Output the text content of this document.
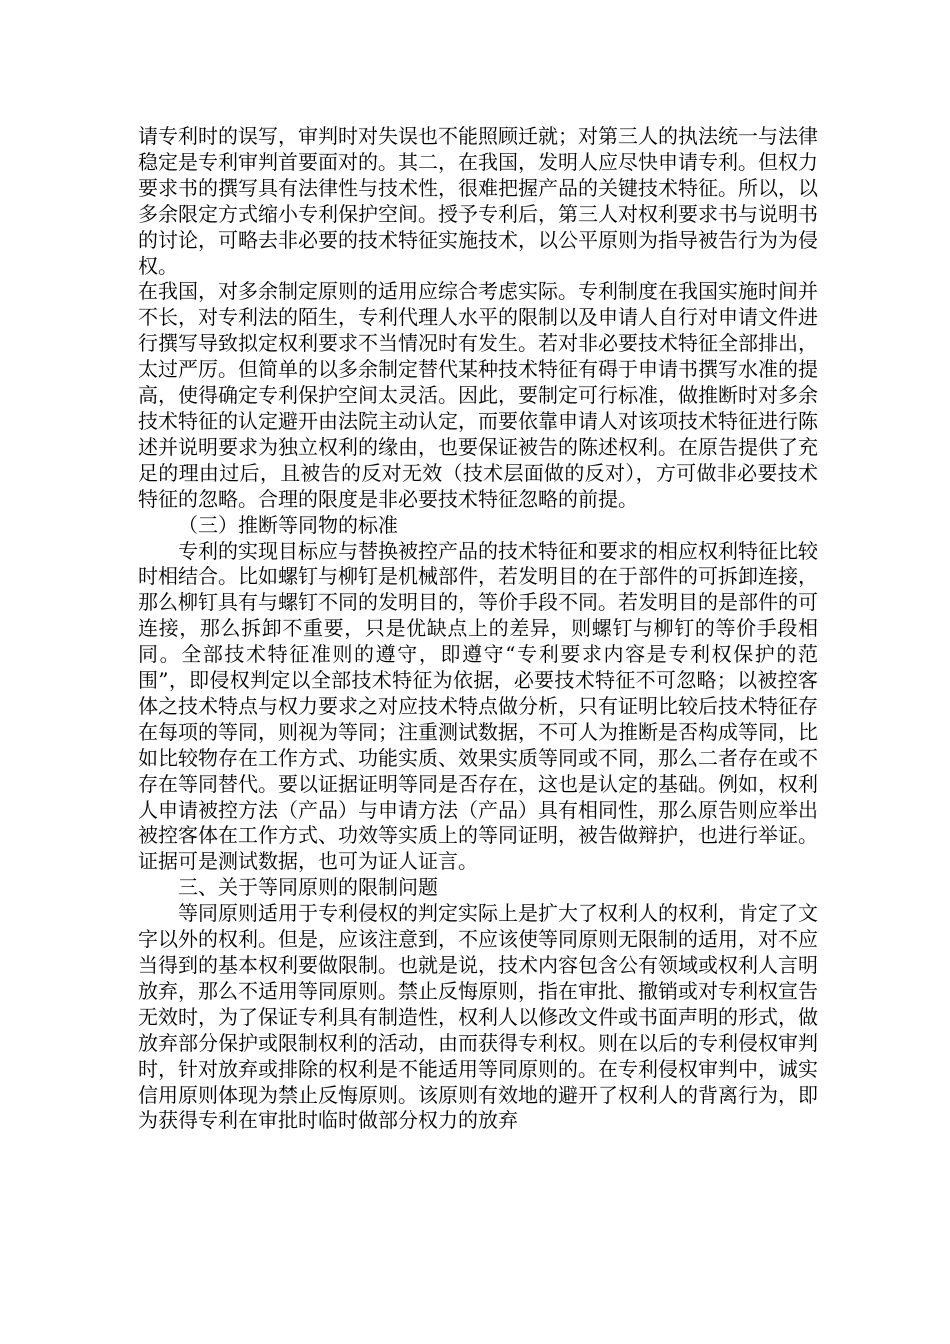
请专利时的误写，审判时对失误也不能照顾迁就；对第三人的执法统一与法律稳定是专利审判首要面对的。其二，在我国，发明人应尽快申请专利。但权力要求书的撰写具有法律性与技术性，很难把握产品的关键技术特征。所以，以多余限定方式缩小专利保护空间。授予专利后，第三人对权利要求书与说明书的讨论，可略去非必要的技术特征实施技术，以公平原则为指导被告行为为侵权。

在我国，对多余制定原则的适用应综合考虑实际。专利制度在我国实施时间并不长，对专利法的陌生，专利代理人水平的限制以及申请人自行对申请文件进行撰写导致拟定权利要求不当情况时有发生。若对非必要技术特征全部排出，太过严厉。但简单的以多余制定替代某种技术特征有碍于申请书撰写水准的提高，使得确定专利保护空间太灵活。因此，要制定可行标准，做推断时对多余技术特征的认定避开由法院主动认定，而要依靠申请人对该项技术特征进行陈述并说明要求为独立权利的缘由，也要保证被告的陈述权利。在原告提供了充足的理由过后，且被告的反对无效（技术层面做的反对），方可做非必要技术特征的忽略。合理的限度是非必要技术特征忽略的前提。

（三）推断等同物的标准

专利的实现目标应与替换被控产品的技术特征和要求的相应权利特征比较时相结合。比如螺钉与柳钉是机械部件，若发明目的在于部件的可拆卸连接，那么柳钉具有与螺钉不同的发明目的，等价手段不同。若发明目的是部件的可连接，那么拆卸不重要，只是优缺点上的差异，则螺钉与柳钉的等价手段相同。全部技术特征准则的遵守，即遵守“专利要求内容是专利权保护的范围”，即侵权判定以全部技术特征为依据，必要技术特征不可忽略；以被控客体之技术特点与权力要求之对应技术特点做分析，只有证明比较后技术特征存在每项的等同，则视为等同；注重测试数据，不可人为推断是否构成等同，比如比较物存在工作方式、功能实质、效果实质等同或不同，那么二者存在或不存在等同替代。要以证据证明等同是否存在，这也是认定的基础。例如，权利人申请被控方法（产品）与申请方法（产品）具有相同性，那么原告则应举出被控客体在工作方式、功效等实质上的等同证明，被告做辩护，也进行举证。证据可是测试数据，也可为证人证言。

三、关于等同原则的限制问题

等同原则适用于专利侵权的判定实际上是扩大了权利人的权利，肯定了文字以外的权利。但是，应该注意到，不应该使等同原则无限制的适用，对不应当得到的基本权利要做限制。也就是说，技术内容包含公有领域或权利人言明放弃，那么不适用等同原则。禁止反悔原则，指在审批、撤销或对专利权宣告无效时，为了保证专利具有制造性，权利人以修改文件或书面声明的形式，做放弃部分保护或限制权利的活动，由而获得专利权。则在以后的专利侵权审判时，针对放弃或排除的权利是不能适用等同原则的。在专利侵权审判中，诚实信用原则体现为禁止反悔原则。该原则有效地的避开了权利人的背离行为，即为获得专利在审批时临时做部分权力的放弃
